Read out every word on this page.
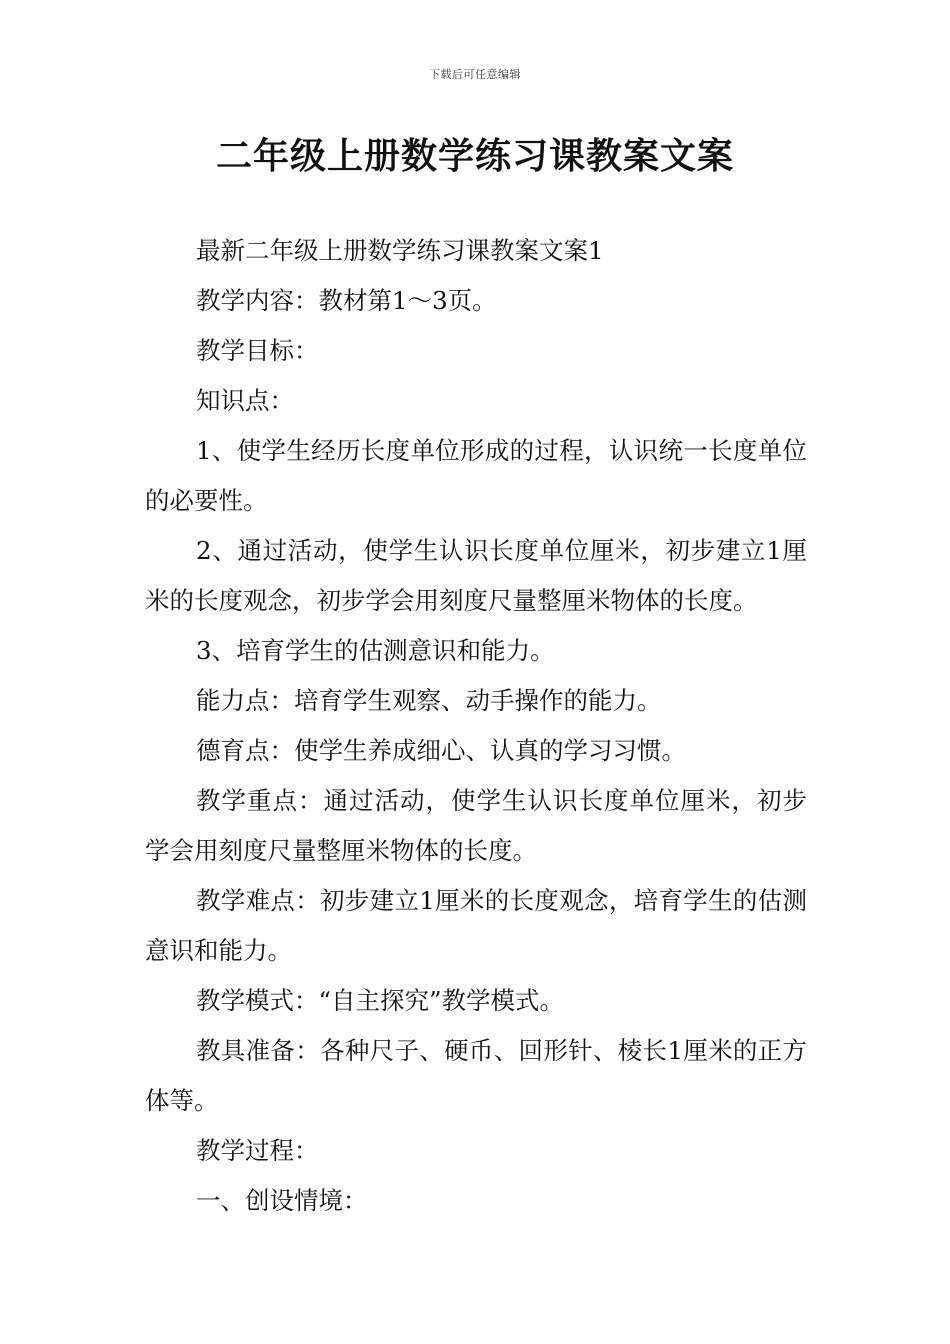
下载后可任意编辑
二年级上册数学练习课教案文案

最新二年级上册数学练习课教案文案1

教学内容：教材第1～3页。

教学目标：

知识点：

1、使学生经历长度单位形成的过程，认识统一长度单位的必要性。

2、通过活动，使学生认识长度单位厘米，初步建立1厘米的长度观念，初步学会用刻度尺量整厘米物体的长度。

3、培育学生的估测意识和能力。

能力点：培育学生观察、动手操作的能力。

德育点：使学生养成细心、认真的学习习惯。

教学重点：通过活动，使学生认识长度单位厘米，初步学会用刻度尺量整厘米物体的长度。

教学难点：初步建立1厘米的长度观念，培育学生的估测意识和能力。

教学模式：“自主探究”教学模式。

教具准备：各种尺子、硬币、回形针、棱长1厘米的正方体等。

教学过程：

一、创设情境：
